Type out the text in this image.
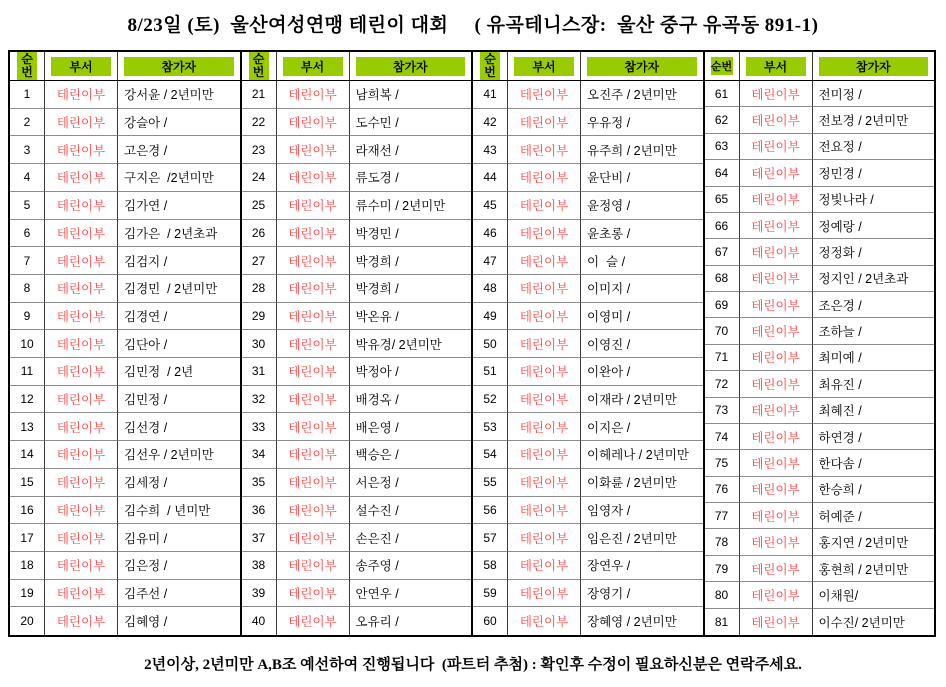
8/23일 (토)  울산여성연맹 테린이 대회     ( 유곡테니스장:  울산 중구 유곡동 891-1)
순번	부서	참가자
1	테린이부	강서윤 / 2년미만
2	테린이부	강슬아 /
3	테린이부	고은경 /
4	테린이부	구지은  /2년미만
5	테린이부	김가연 /
6	테린이부	김가은  / 2년초과
7	테린이부	김검지 /
8	테린이부	김경민  / 2년미만
9	테린이부	김경연 /
10	테린이부	김단아 /
11	테린이부	김민정  / 2년
12	테린이부	김민정 /
13	테린이부	김선경 /
14	테린이부	김선우 / 2년미만
15	테린이부	김세정 /
16	테린이부	김수희  / 년미만
17	테린이부	김유미 /
18	테린이부	김은정 /
19	테린이부	김주선 /
20	테린이부	김혜영 /
순번	부서	참가자
21	테린이부	남희복 /
22	테린이부	도수민 /
23	테린이부	라재선 /
24	테린이부	류도경 /
25	테린이부	류수미 / 2년미만
26	테린이부	박경민 /
27	테린이부	박경희 /
28	테린이부	박경희 /
29	테린이부	박온유 /
30	테린이부	박유경/ 2년미만
31	테린이부	박정아 /
32	테린이부	배경옥 /
33	테린이부	배은영 /
34	테린이부	백승은 /
35	테린이부	서은정 /
36	테린이부	설수진 /
37	테린이부	손은진 /
38	테린이부	송주영 /
39	테린이부	안연우 /
40	테린이부	오유리 /
순번	부서	참가자
41	테린이부	오진주 / 2년미만
42	테린이부	우유정 /
43	테린이부	유주희 / 2년미만
44	테린이부	윤단비 /
45	테린이부	윤정영 /
46	테린이부	윤초롱 /
47	테린이부	이  슬 /
48	테린이부	이미지 /
49	테린이부	이영미 /
50	테린이부	이영진 /
51	테린이부	이완아 /
52	테린이부	이재라 / 2년미만
53	테린이부	이지은 /
54	테린이부	이헤레나 / 2년미만
55	테린이부	이화륜 / 2년미만
56	테린이부	임영자 /
57	테린이부	임은진 / 2년미만
58	테린이부	장연우 /
59	테린이부	장영기 /
60	테린이부	장혜영 / 2년미만
순번	부서	참가자
61	테린이부	전미정 /
62	테린이부	전보경 / 2년미만
63	테린이부	전요정 /
64	테린이부	정민경 /
65	테린이부	정빛나라 /
66	테린이부	정예랑 /
67	테린이부	정정화 /
68	테린이부	정지인 / 2년초과
69	테린이부	조은경 /
70	테린이부	조하늘 /
71	테린이부	최미예 /
72	테린이부	최유진 /
73	테린이부	최혜진 /
74	테린이부	하연경 /
75	테린이부	한다솜 /
76	테린이부	한승희 /
77	테린이부	허예준 /
78	테린이부	홍지연 / 2년미만
79	테린이부	홍현희 / 2년미만
80	테린이부	이채원/
81	테린이부	이수진/ 2년미만
2년이상, 2년미만 A,B조 예선하여 진행됩니다  (파트터 추첨) : 확인후 수정이 필요하신분은 연락주세요.
